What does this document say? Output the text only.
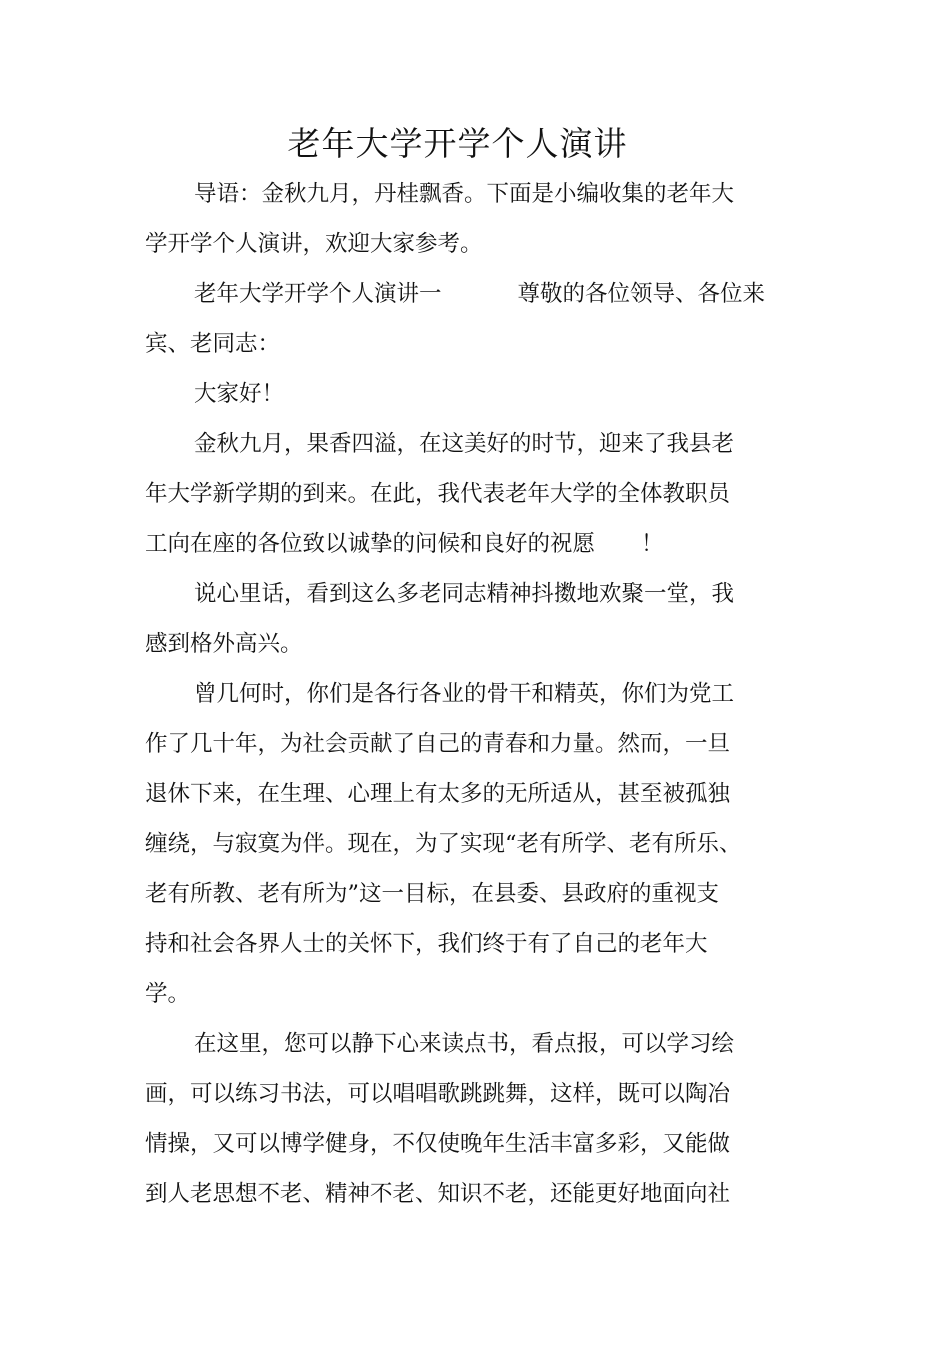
老年大学开学个人演讲
导语：金秋九月，丹桂飘香。下面是小编收集的老年大
学开学个人演讲，欢迎大家参考。
老年大学开学个人演讲一	尊敬的各位领导、各位来
宾、老同志：
大家好！
金秋九月，果香四溢，在这美好的时节，迎来了我县老
年大学新学期的到来。在此，我代表老年大学的全体教职员
工向在座的各位致以诚挚的问候和良好的祝愿 ！
说心里话，看到这么多老同志精神抖擞地欢聚一堂，我
感到格外高兴。
曾几何时，你们是各行各业的骨干和精英，你们为党工
作了几十年，为社会贡献了自己的青春和力量。然而，一旦
退休下来，在生理、心理上有太多的无所适从，甚至被孤独
缠绕，与寂寞为伴。现在，为了实现“老有所学、老有所乐、
老有所教、老有所为”这一目标，在县委、县政府的重视支
持和社会各界人士的关怀下，我们终于有了自己的老年大
学。
在这里，您可以静下心来读点书，看点报，可以学习绘
画，可以练习书法，可以唱唱歌跳跳舞，这样，既可以陶冶
情操，又可以博学健身，不仅使晚年生活丰富多彩，又能做
到人老思想不老、精神不老、知识不老，还能更好地面向社
